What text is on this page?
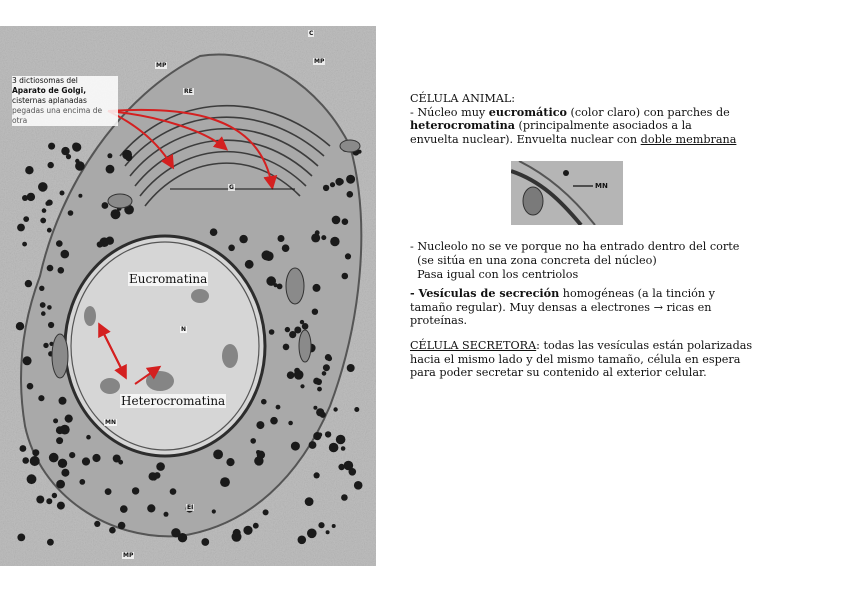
3 dictiosomas del
Aparato de Golgi,
cisternas aplanadas
pegadas una encima de
otra
Eucromatina
Heterocromatina
MP
MP
C
RE
G
N
MN
EI
MP

CÉLULA ANIMAL:

- Núcleo muy eucromático (color claro) con parches de
heterocromatina (principalmente asociados a la
envuelta nuclear). Envuelta nuclear con doble membrana

- Nucleolo no se ve porque no ha entrado dentro del corte
(se sitúa en una zona concreta del núcleo)
Pasa igual con los centriolos

- Vesículas de secreción homogéneas (a la tinción y
tamaño regular). Muy densas a electrones → ricas en
proteínas.

CÉLULA SECRETORA: todas las vesículas están polarizadas
hacia el mismo lado y del mismo tamaño, célula en espera
para poder secretar su contenido al exterior celular.

MN
